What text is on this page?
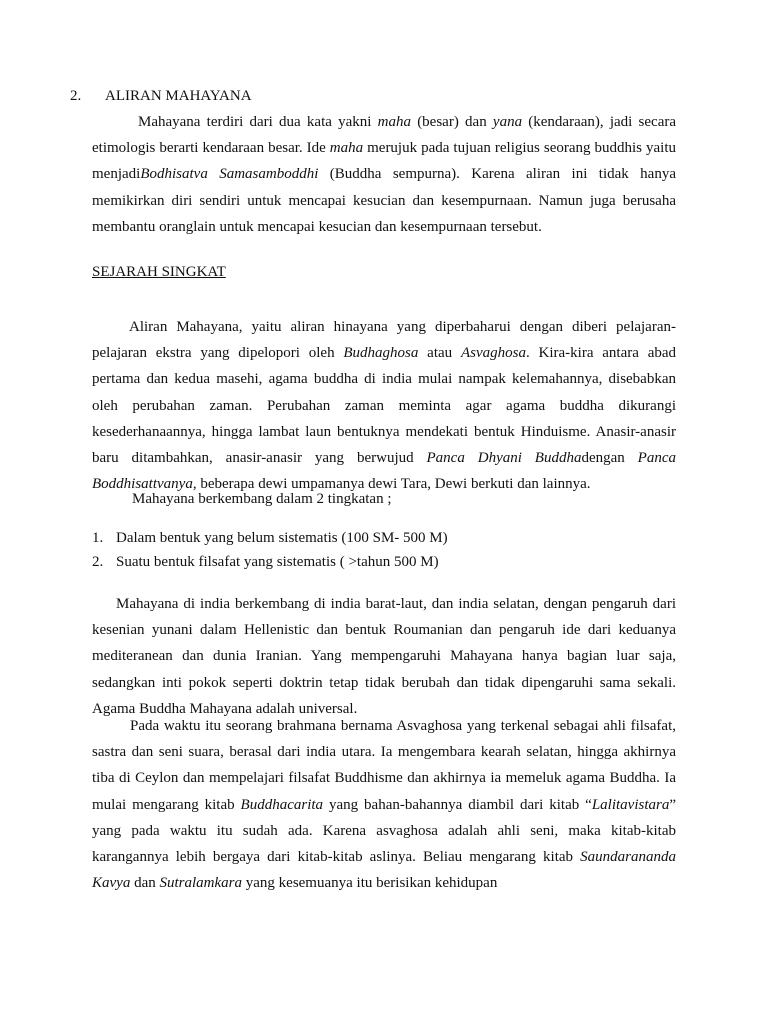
2. ALIRAN MAHAYANA

Mahayana terdiri dari dua kata yakni maha (besar) dan yana (kendaraan), jadi secara etimologis berarti kendaraan besar. Ide maha merujuk pada tujuan religius seorang buddhis yaitu menjadiBodhisatva Samasamboddhi (Buddha sempurna). Karena aliran ini tidak hanya memikirkan diri sendiri untuk mencapai kesucian dan kesempurnaan. Namun juga berusaha membantu oranglain untuk mencapai kesucian dan kesempurnaan tersebut.

SEJARAH SINGKAT

Aliran Mahayana, yaitu aliran hinayana yang diperbaharui dengan diberi pelajaran-pelajaran ekstra yang dipelopori oleh Budhaghosa atau Asvaghosa. Kira-kira antara abad pertama dan kedua masehi, agama buddha di india mulai nampak kelemahannya, disebabkan oleh perubahan zaman. Perubahan zaman meminta agar agama buddha dikurangi kesederhanaannya, hingga lambat laun bentuknya mendekati bentuk Hinduisme. Anasir-anasir baru ditambahkan, anasir-anasir yang berwujud Panca Dhyani Buddhadengan Panca Boddhisattvanya, beberapa dewi umpamanya dewi Tara, Dewi berkuti dan lainnya.

Mahayana berkembang dalam 2 tingkatan ;

1. Dalam bentuk yang belum sistematis (100 SM- 500 M)
2. Suatu bentuk filsafat yang sistematis ( >tahun 500 M)

Mahayana di india berkembang di india barat-laut, dan india selatan, dengan pengaruh dari kesenian yunani dalam Hellenistic dan bentuk Roumanian dan pengaruh ide dari keduanya mediteranean dan dunia Iranian. Yang mempengaruhi Mahayana hanya bagian luar saja, sedangkan inti pokok seperti doktrin tetap tidak berubah dan tidak dipengaruhi sama sekali. Agama Buddha Mahayana adalah universal.

Pada waktu itu seorang brahmana bernama Asvaghosa yang terkenal sebagai ahli filsafat, sastra dan seni suara, berasal dari india utara. Ia mengembara kearah selatan, hingga akhirnya tiba di Ceylon dan mempelajari filsafat Buddhisme dan akhirnya ia memeluk agama Buddha. Ia mulai mengarang kitab Buddhacarita yang bahan-bahannya diambil dari kitab “Lalitavistara” yang pada waktu itu sudah ada. Karena asvaghosa adalah ahli seni, maka kitab-kitab karangannya lebih bergaya dari kitab-kitab aslinya. Beliau mengarang kitab Saundarananda Kavya dan Sutralamkara yang kesemuanya itu berisikan kehidupan
